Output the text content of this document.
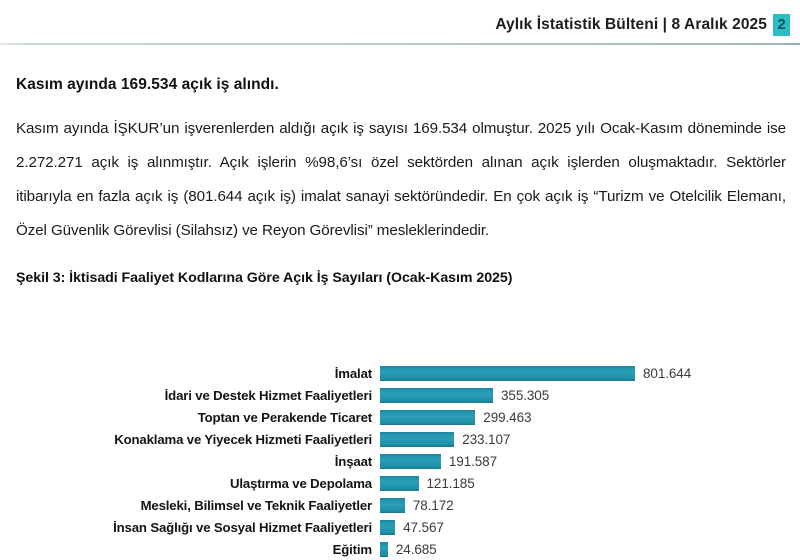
Aylık İstatistik Bülteni | 8 Aralık 2025 2
Kasım ayında 169.534 açık iş alındı.

Kasım ayında İŞKUR’un işverenlerden aldığı açık iş sayısı 169.534 olmuştur. 2025 yılı Ocak-Kasım döneminde ise 2.272.271 açık iş alınmıştır. Açık işlerin %98,6’sı özel sektörden alınan açık işlerden oluşmaktadır. Sektörler itibarıyla en fazla açık iş (801.644 açık iş) imalat sanayi sektöründedir. En çok açık iş “Turizm ve Otelcilik Elemanı, Özel Güvenlik Görevlisi (Silahsız) ve Reyon Görevlisi” mesleklerindedir.

Şekil 3: İktisadi Faaliyet Kodlarına Göre Açık İş Sayıları (Ocak-Kasım 2025)

İmalat	801.644
İdari ve Destek Hizmet Faaliyetleri	355.305
Toptan ve Perakende Ticaret	299.463
Konaklama ve Yiyecek Hizmeti Faaliyetleri	233.107
İnşaat	191.587
Ulaştırma ve Depolama	121.185
Mesleki, Bilimsel ve Teknik Faaliyetler	78.172
İnsan Sağlığı ve Sosyal Hizmet Faaliyetleri	47.567
Eğitim	24.685
